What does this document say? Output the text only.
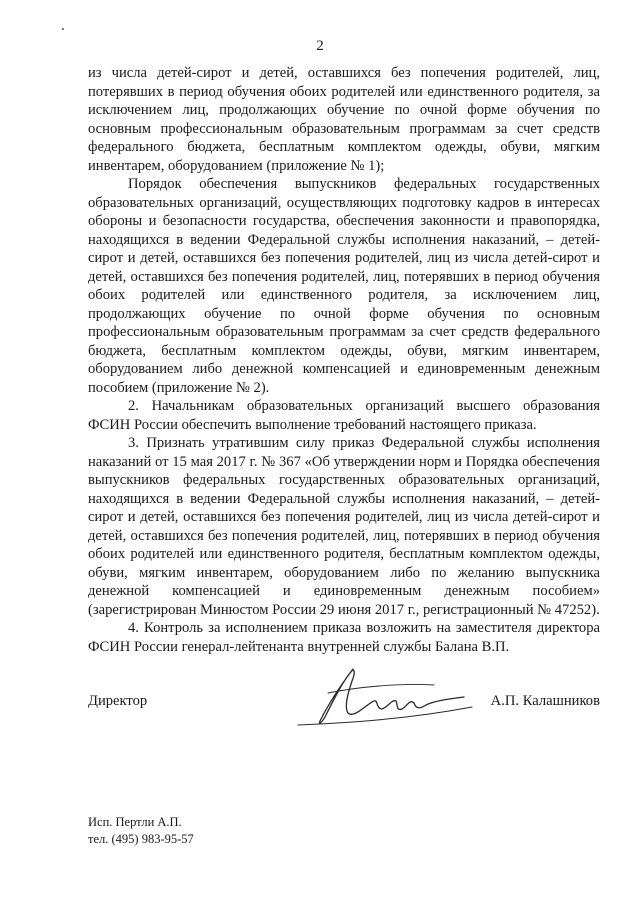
2

из числа детей-сирот и детей, оставшихся без попечения родителей, лиц, потерявших в период обучения обоих родителей или единственного родителя, за исключением лиц, продолжающих обучение по очной форме обучения по основным профессиональным образовательным программам за счет средств федерального бюджета, бесплатным комплектом одежды, обуви, мягким инвентарем, оборудованием (приложение № 1);

Порядок обеспечения выпускников федеральных государственных образовательных организаций, осуществляющих подготовку кадров в интересах обороны и безопасности государства, обеспечения законности и правопорядка, находящихся в ведении Федеральной службы исполнения наказаний, – детей-сирот и детей, оставшихся без попечения родителей, лиц из числа детей-сирот и детей, оставшихся без попечения родителей, лиц, потерявших в период обучения обоих родителей или единственного родителя, за исключением лиц, продолжающих обучение по очной форме обучения по основным профессиональным образовательным программам за счет средств федерального бюджета, бесплатным комплектом одежды, обуви, мягким инвентарем, оборудованием либо денежной компенсацией и единовременным денежным пособием (приложение № 2).

2. Начальникам образовательных организаций высшего образования ФСИН России обеспечить выполнение требований настоящего приказа.

3. Признать утратившим силу приказ Федеральной службы исполнения наказаний от 15 мая 2017 г. № 367 «Об утверждении норм и Порядка обеспечения выпускников федеральных государственных образовательных организаций, находящихся в ведении Федеральной службы исполнения наказаний, – детей-сирот и детей, оставшихся без попечения родителей, лиц из числа детей-сирот и детей, оставшихся без попечения родителей, лиц, потерявших в период обучения обоих родителей или единственного родителя, бесплатным комплектом одежды, обуви, мягким инвентарем, оборудованием либо по желанию выпускника денежной компенсацией и единовременным денежным пособием» (зарегистрирован Минюстом России 29 июня 2017 г., регистрационный № 47252).

4. Контроль за исполнением приказа возложить на заместителя директора ФСИН России генерал-лейтенанта внутренней службы Балана В.П.

Директор	А.П. Калашников
Исп. Пертли А.П.
тел. (495) 983-95-57
